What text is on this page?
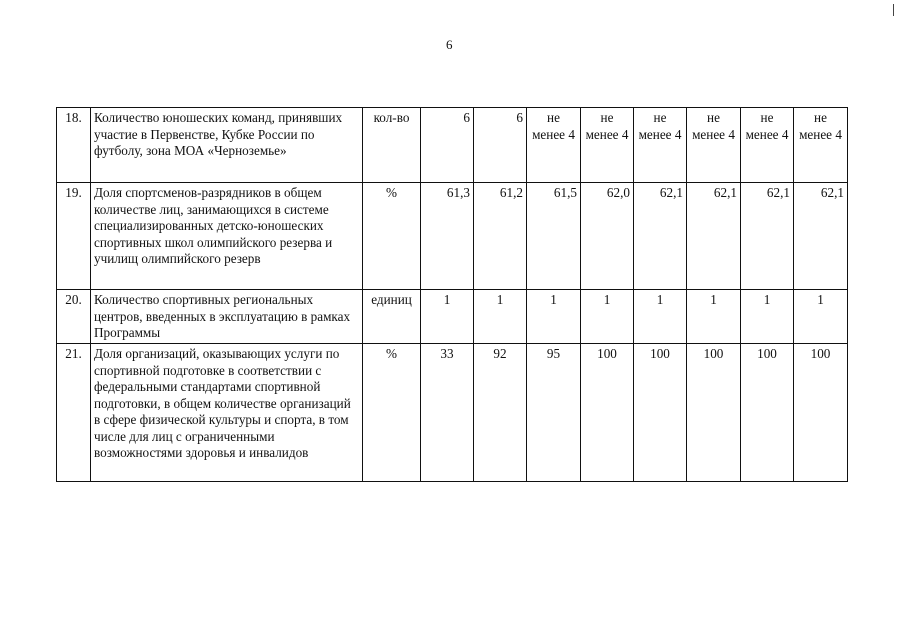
6
18.	Количество юношеских команд, принявших участие в Первенстве, Кубке России по футболу, зона МОА «Черноземье»	кол-во	6	6	не менее 4	не менее 4	не менее 4	не менее 4	не менее 4	не менее 4
19.	Доля спортсменов-разрядников в общем количестве лиц, занимающихся в системе специализированных детско-юношеских спортивных школ олимпийского резерва и училищ олимпийского резерв	%	61,3	61,2	61,5	62,0	62,1	62,1	62,1	62,1
20.	Количество спортивных региональных центров, введенных в эксплуатацию в рамках Программы	единиц	1	1	1	1	1	1	1	1
21.	Доля организаций, оказывающих услуги по спортивной подготовке в соответствии с федеральными стандартами спортивной подготовки, в общем количестве организаций в сфере физической культуры и спорта, в том числе для лиц с ограниченными возможностями здоровья и инвалидов	%	33	92	95	100	100	100	100	100
